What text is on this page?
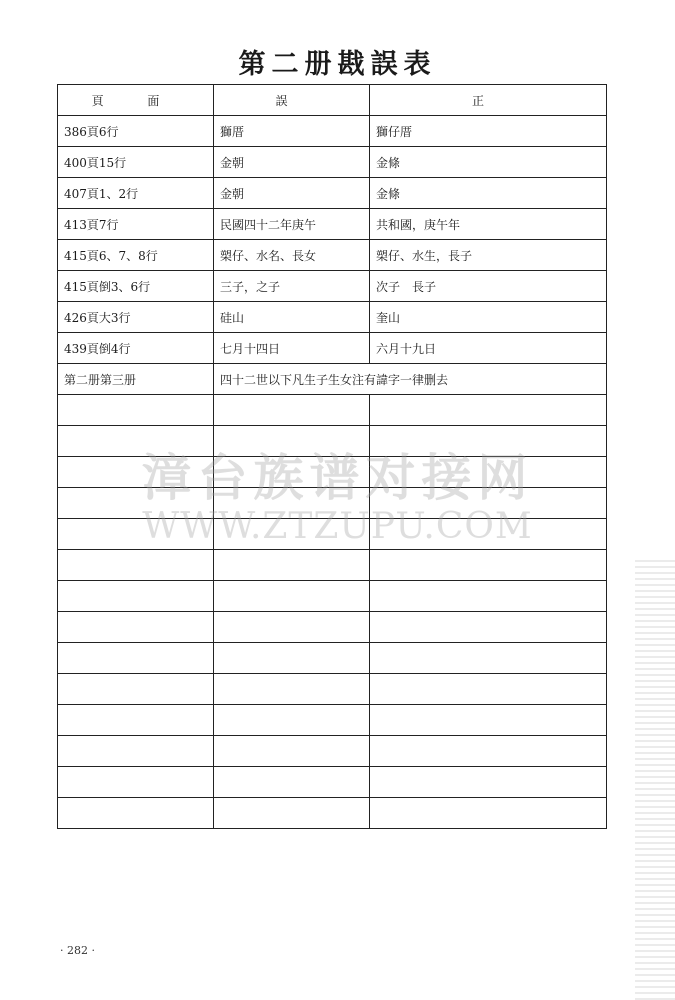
第二册戡誤表
頁 面	誤	正
386頁6行	獅厝	獅仔厝
400頁15行	金朝	金條
407頁1、2行	金朝	金條
413頁7行	民國四十二年庚午	共和國，庚午年
415頁6、7、8行	槊仔、水名、長女	槊仔、水生，長子
415頁倒3、6行	三子，之子	次子　長子
426頁大3行	硅山	奎山
439頁倒4行	七月十四日	六月十九日
第二册第三册	四十二世以下凡生子生女注有諱字一律删去	

漳台族谱对接网
WWW.ZTZUPU.COM
· 282 ·
